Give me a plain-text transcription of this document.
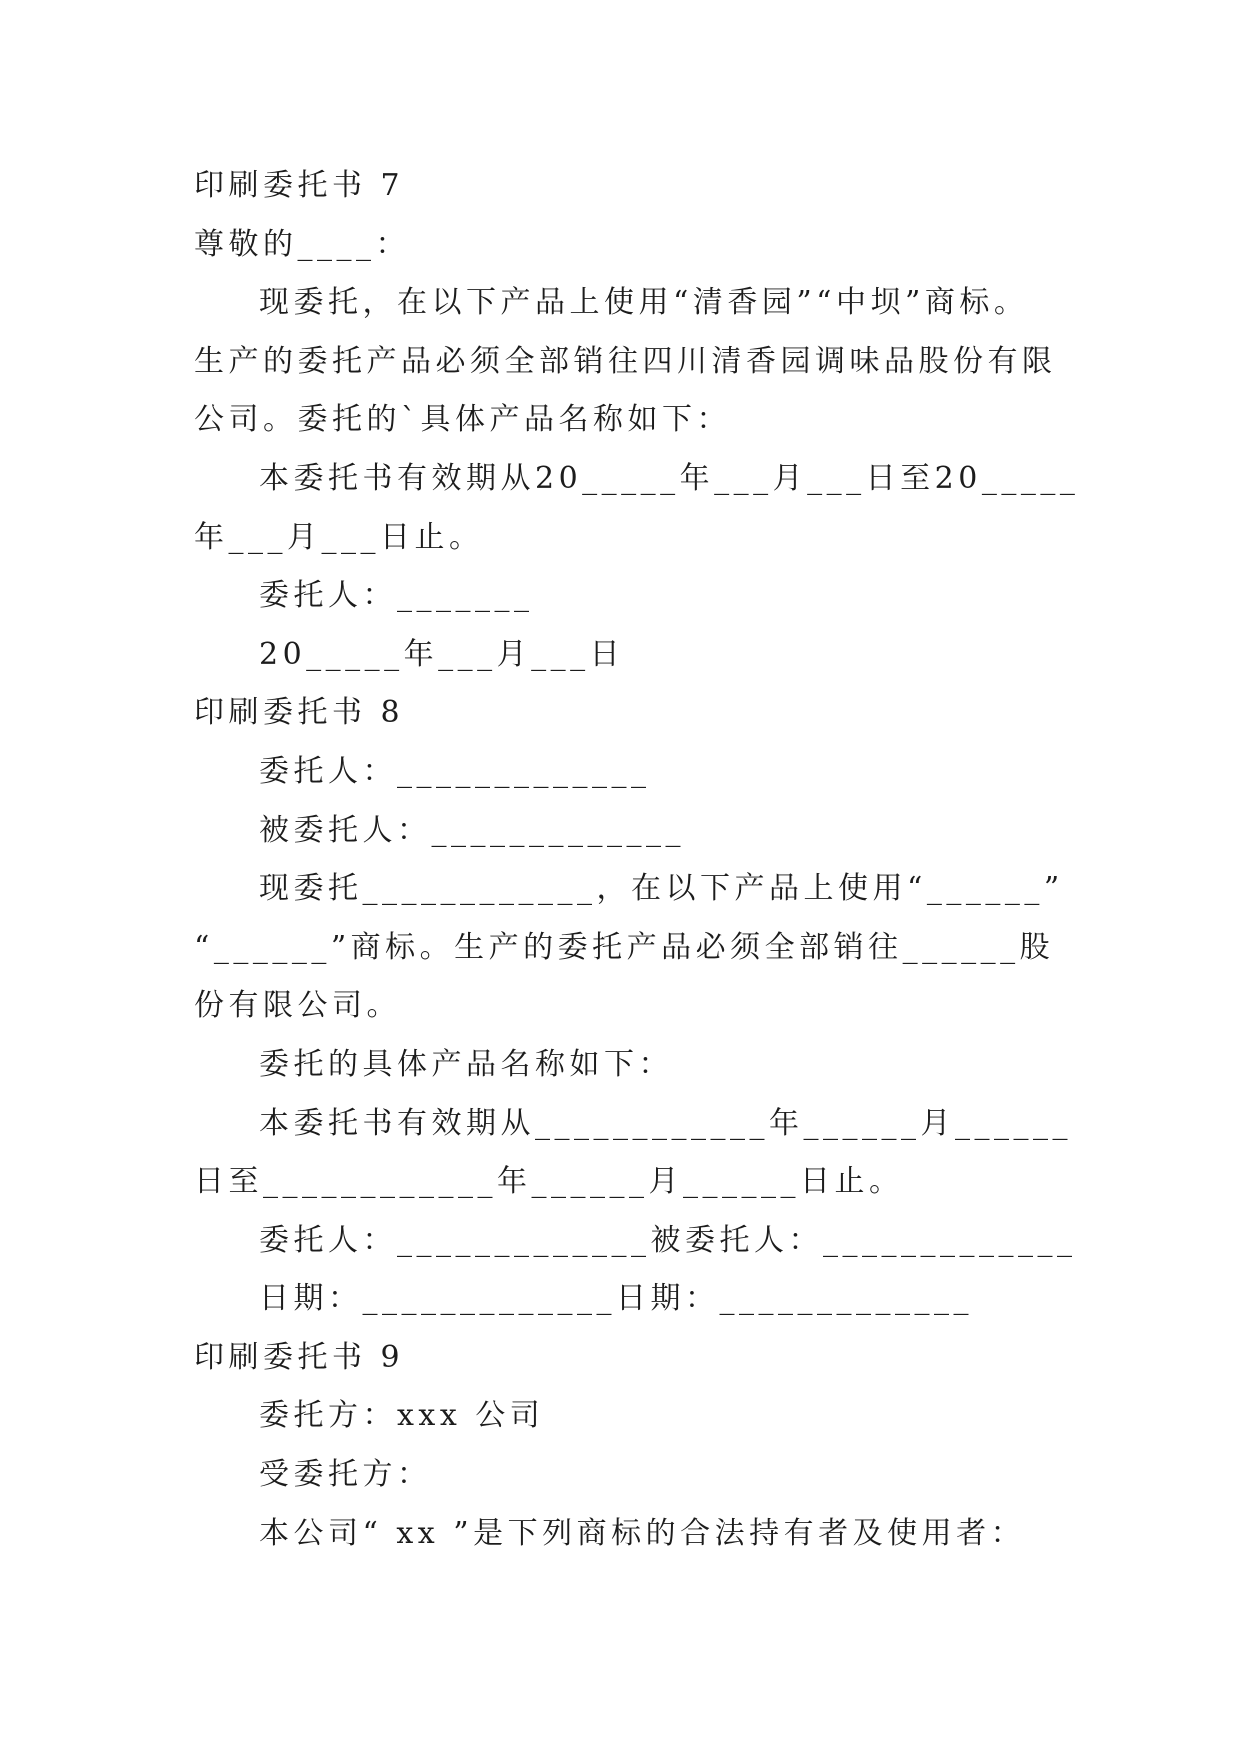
印刷委托书 7
尊敬的____：
现委托，在以下产品上使用“清香园”“中坝”商标。
生产的委托产品必须全部销往四川清香园调味品股份有限
公司。委托的`具体产品名称如下：
本委托书有效期从20_____年___月___日至20_____
年___月___日止。
委托人：_______
20_____年___月___日
印刷委托书 8
委托人：_____________
被委托人：_____________
现委托____________，在以下产品上使用“______”
“______”商标。生产的委托产品必须全部销往______股
份有限公司。
委托的具体产品名称如下：
本委托书有效期从____________年______月______
日至____________年______月______日止。
委托人：_____________被委托人：_____________
日期：_____________日期：_____________
印刷委托书 9
委托方：xxx 公司
受委托方：
本公司“ xx ”是下列商标的合法持有者及使用者：
